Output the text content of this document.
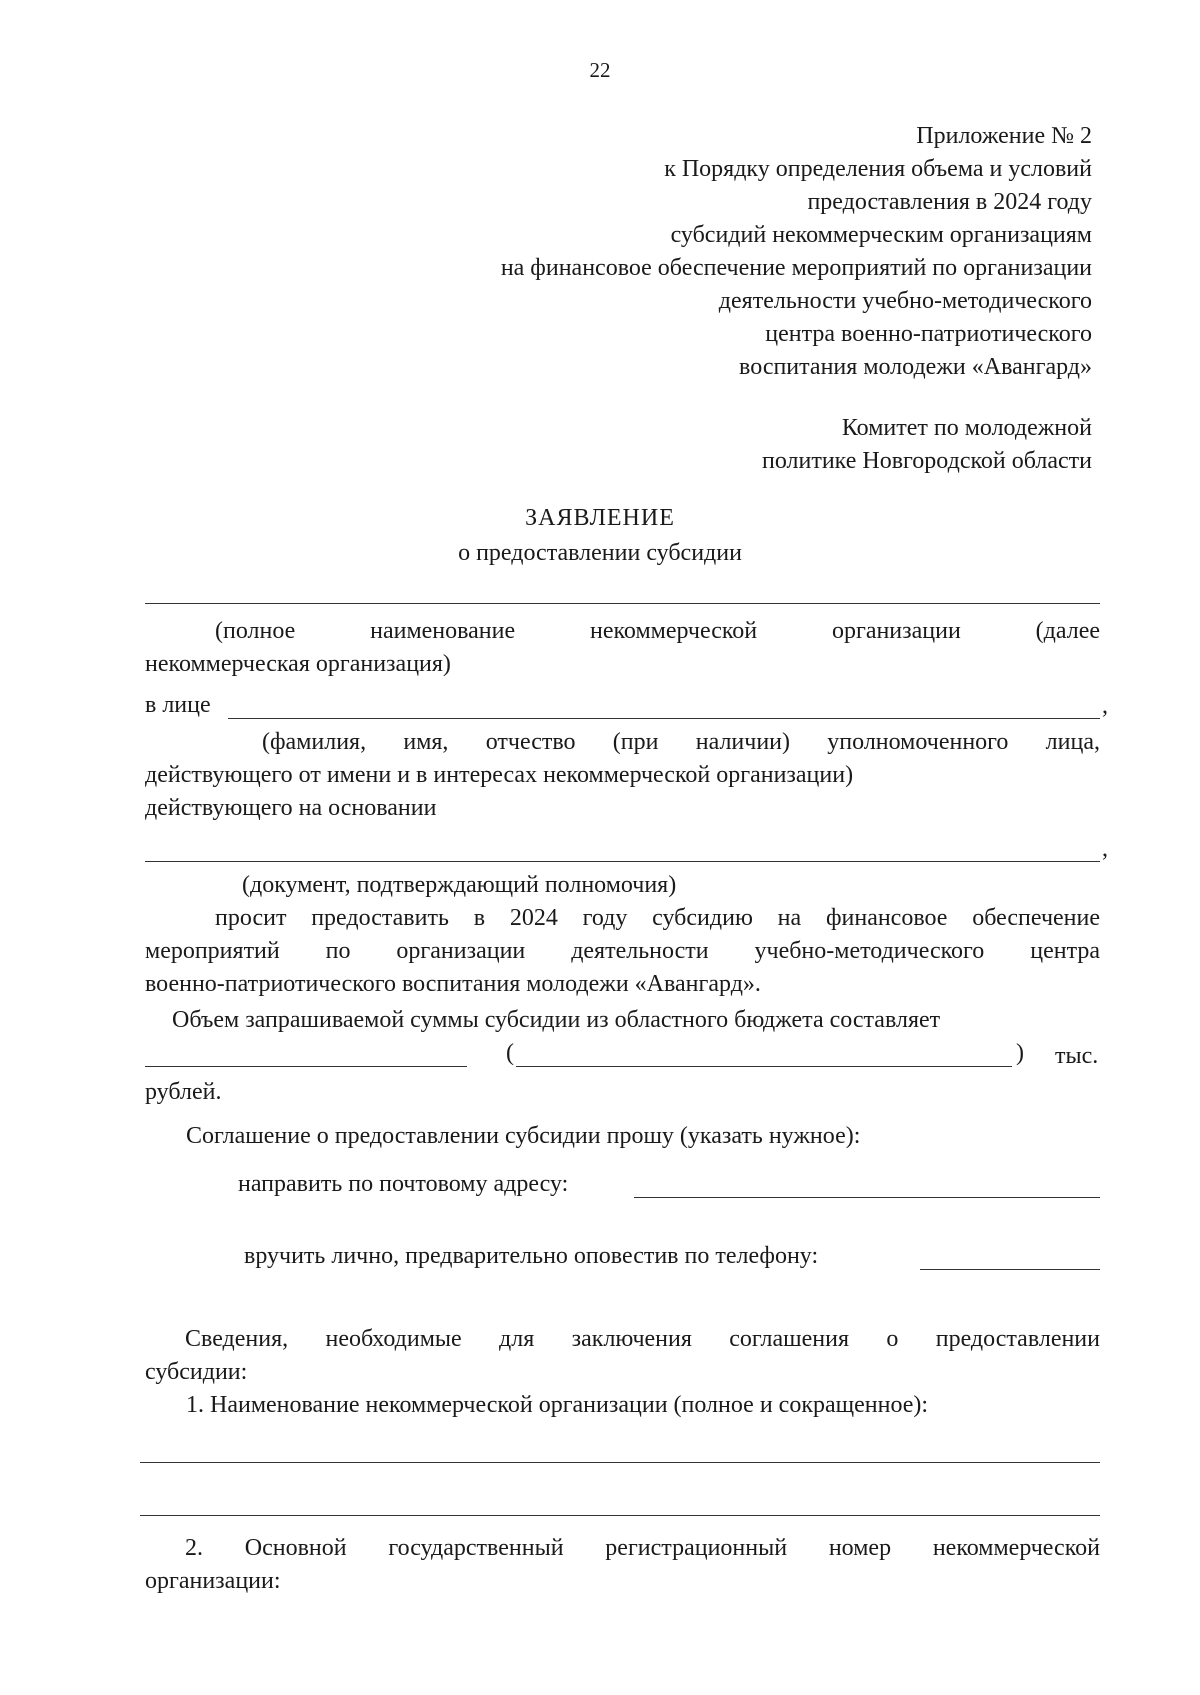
22
Приложение № 2
к Порядку определения объема и условий
предоставления в 2024 году
субсидий некоммерческим организациям
на финансовое обеспечение мероприятий по организации
деятельности учебно-методического
центра военно-патриотического
воспитания молодежи «Авангард»
Комитет по молодежной
политике Новгородской области
ЗАЯВЛЕНИЕ
о предоставлении субсидии
(полное наименование некоммерческой организации (далее
некоммерческая организация)
в лице	,
(фамилия, имя, отчество (при наличии) уполномоченного лица,
действующего от имени и в интересах некоммерческой организации)
действующего на основании
,
(документ, подтверждающий полномочия)
просит предоставить в 2024 году субсидию на финансовое обеспечение
мероприятий по организации деятельности учебно-методического центра
военно-патриотического воспитания молодежи «Авангард».
Объем запрашиваемой суммы субсидии из областного бюджета составляет
(	) тыс.
рублей.
Соглашение о предоставлении субсидии прошу (указать нужное):
направить по почтовому адресу:
вручить лично, предварительно оповестив по телефону:
Сведения, необходимые для заключения соглашения о предоставлении
субсидии:
1. Наименование некоммерческой организации (полное и сокращенное):
2. Основной государственный регистрационный номер некоммерческой
организации:
